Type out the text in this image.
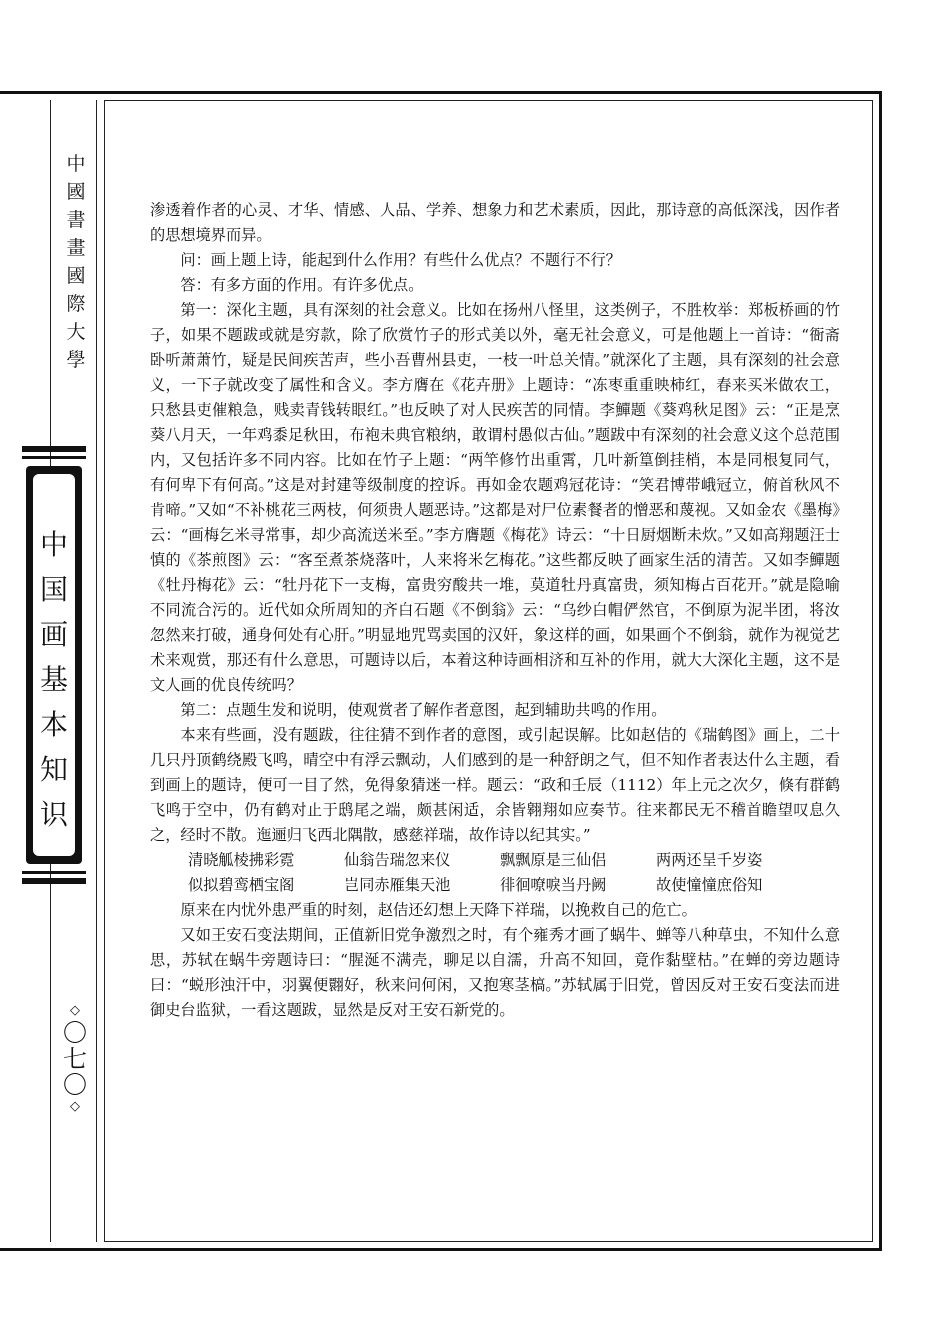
中
國
書
畫
國
際
大
學
中
国
画
基
本
知
识
◇
〇
七
〇
◇

渗透着作者的心灵、才华、情感、人品、学养、想象力和艺术素质，因此，那诗意的高低深浅，因作者的思想境界而异。

问：画上题上诗，能起到什么作用？有些什么优点？不题行不行？

答：有多方面的作用。有许多优点。

第一：深化主题，具有深刻的社会意义。比如在扬州八怪里，这类例子，不胜枚举：郑板桥画的竹子，如果不题跋或就是穷款，除了欣赏竹子的形式美以外，毫无社会意义，可是他题上一首诗：“衙斋卧听萧萧竹，疑是民间疾苦声，些小吾曹州县吏，一枝一叶总关情。”就深化了主题，具有深刻的社会意义，一下子就改变了属性和含义。李方膺在《花卉册》上题诗：“冻枣重重映柿红，春来买米做农工，只愁县吏催粮急，贱卖青钱转眼红。”也反映了对人民疾苦的同情。李鱓题《葵鸡秋足图》云：“正是烹葵八月天，一年鸡黍足秋田，布袍未典官粮纳，敢谓村愚似古仙。”题跋中有深刻的社会意义这个总范围内，又包括许多不同内容。比如在竹子上题：“两竿修竹出重霄，几叶新篁倒挂梢，本是同根复同气，有何卑下有何高。”这是对封建等级制度的控诉。再如金农题鸡冠花诗：“笑君博带峨冠立，俯首秋风不肯啼。”又如“不补桃花三两枝，何须贵人题恶诗。”这都是对尸位素餐者的憎恶和蔑视。又如金农《墨梅》云：“画梅乞米寻常事，却少高流送米至。”李方膺题《梅花》诗云：“十日厨烟断未炊。”又如高翔题汪士慎的《茶煎图》云：“客至煮茶烧落叶，人来将米乞梅花。”这些都反映了画家生活的清苦。又如李鱓题《牡丹梅花》云：“牡丹花下一支梅，富贵穷酸共一堆，莫道牡丹真富贵，须知梅占百花开。”就是隐喻不同流合污的。近代如众所周知的齐白石题《不倒翁》云：“乌纱白帽俨然官，不倒原为泥半团，将汝忽然来打破，通身何处有心肝。”明显地咒骂卖国的汉奸，象这样的画，如果画个不倒翁，就作为视觉艺术来观赏，那还有什么意思，可题诗以后，本着这种诗画相济和互补的作用，就大大深化主题，这不是文人画的优良传统吗？

第二：点题生发和说明，使观赏者了解作者意图，起到辅助共鸣的作用。

本来有些画，没有题跋，往往猜不到作者的意图，或引起误解。比如赵佶的《瑞鹤图》画上，二十几只丹顶鹤绕殿飞鸣，晴空中有浮云飘动，人们感到的是一种舒朗之气，但不知作者表达什么主题，看到画上的题诗，便可一目了然，免得象猜迷一样。题云：“政和壬辰（1112）年上元之次夕，倏有群鹤飞鸣于空中，仍有鹤对止于鸱尾之端，颇甚闲适，余皆翱翔如应奏节。往来都民无不稽首瞻望叹息久之，经时不散。迤逦归飞西北隅散，感慈祥瑞，故作诗以纪其实。”

清晓觚棱拂彩霓	仙翁告瑞忽来仪	飘飘原是三仙侣	两两还呈千岁姿
似拟碧鸾栖宝阁	岂同赤雁集天池	徘徊嘹唳当丹阙	故使憧憧庶俗知

原来在内忧外患严重的时刻，赵佶还幻想上天降下祥瑞，以挽救自己的危亡。

又如王安石变法期间，正值新旧党争激烈之时，有个雍秀才画了蜗牛、蝉等八种草虫，不知什么意思，苏轼在蜗牛旁题诗曰：“腥涎不满壳，聊足以自濡，升高不知回，竟作黏壁枯。”在蝉的旁边题诗曰：“蜕形浊汗中，羽翼便翾好，秋来问何闲，又抱寒茎槁。”苏轼属于旧党，曾因反对王安石变法而进御史台监狱，一看这题跋，显然是反对王安石新党的。
